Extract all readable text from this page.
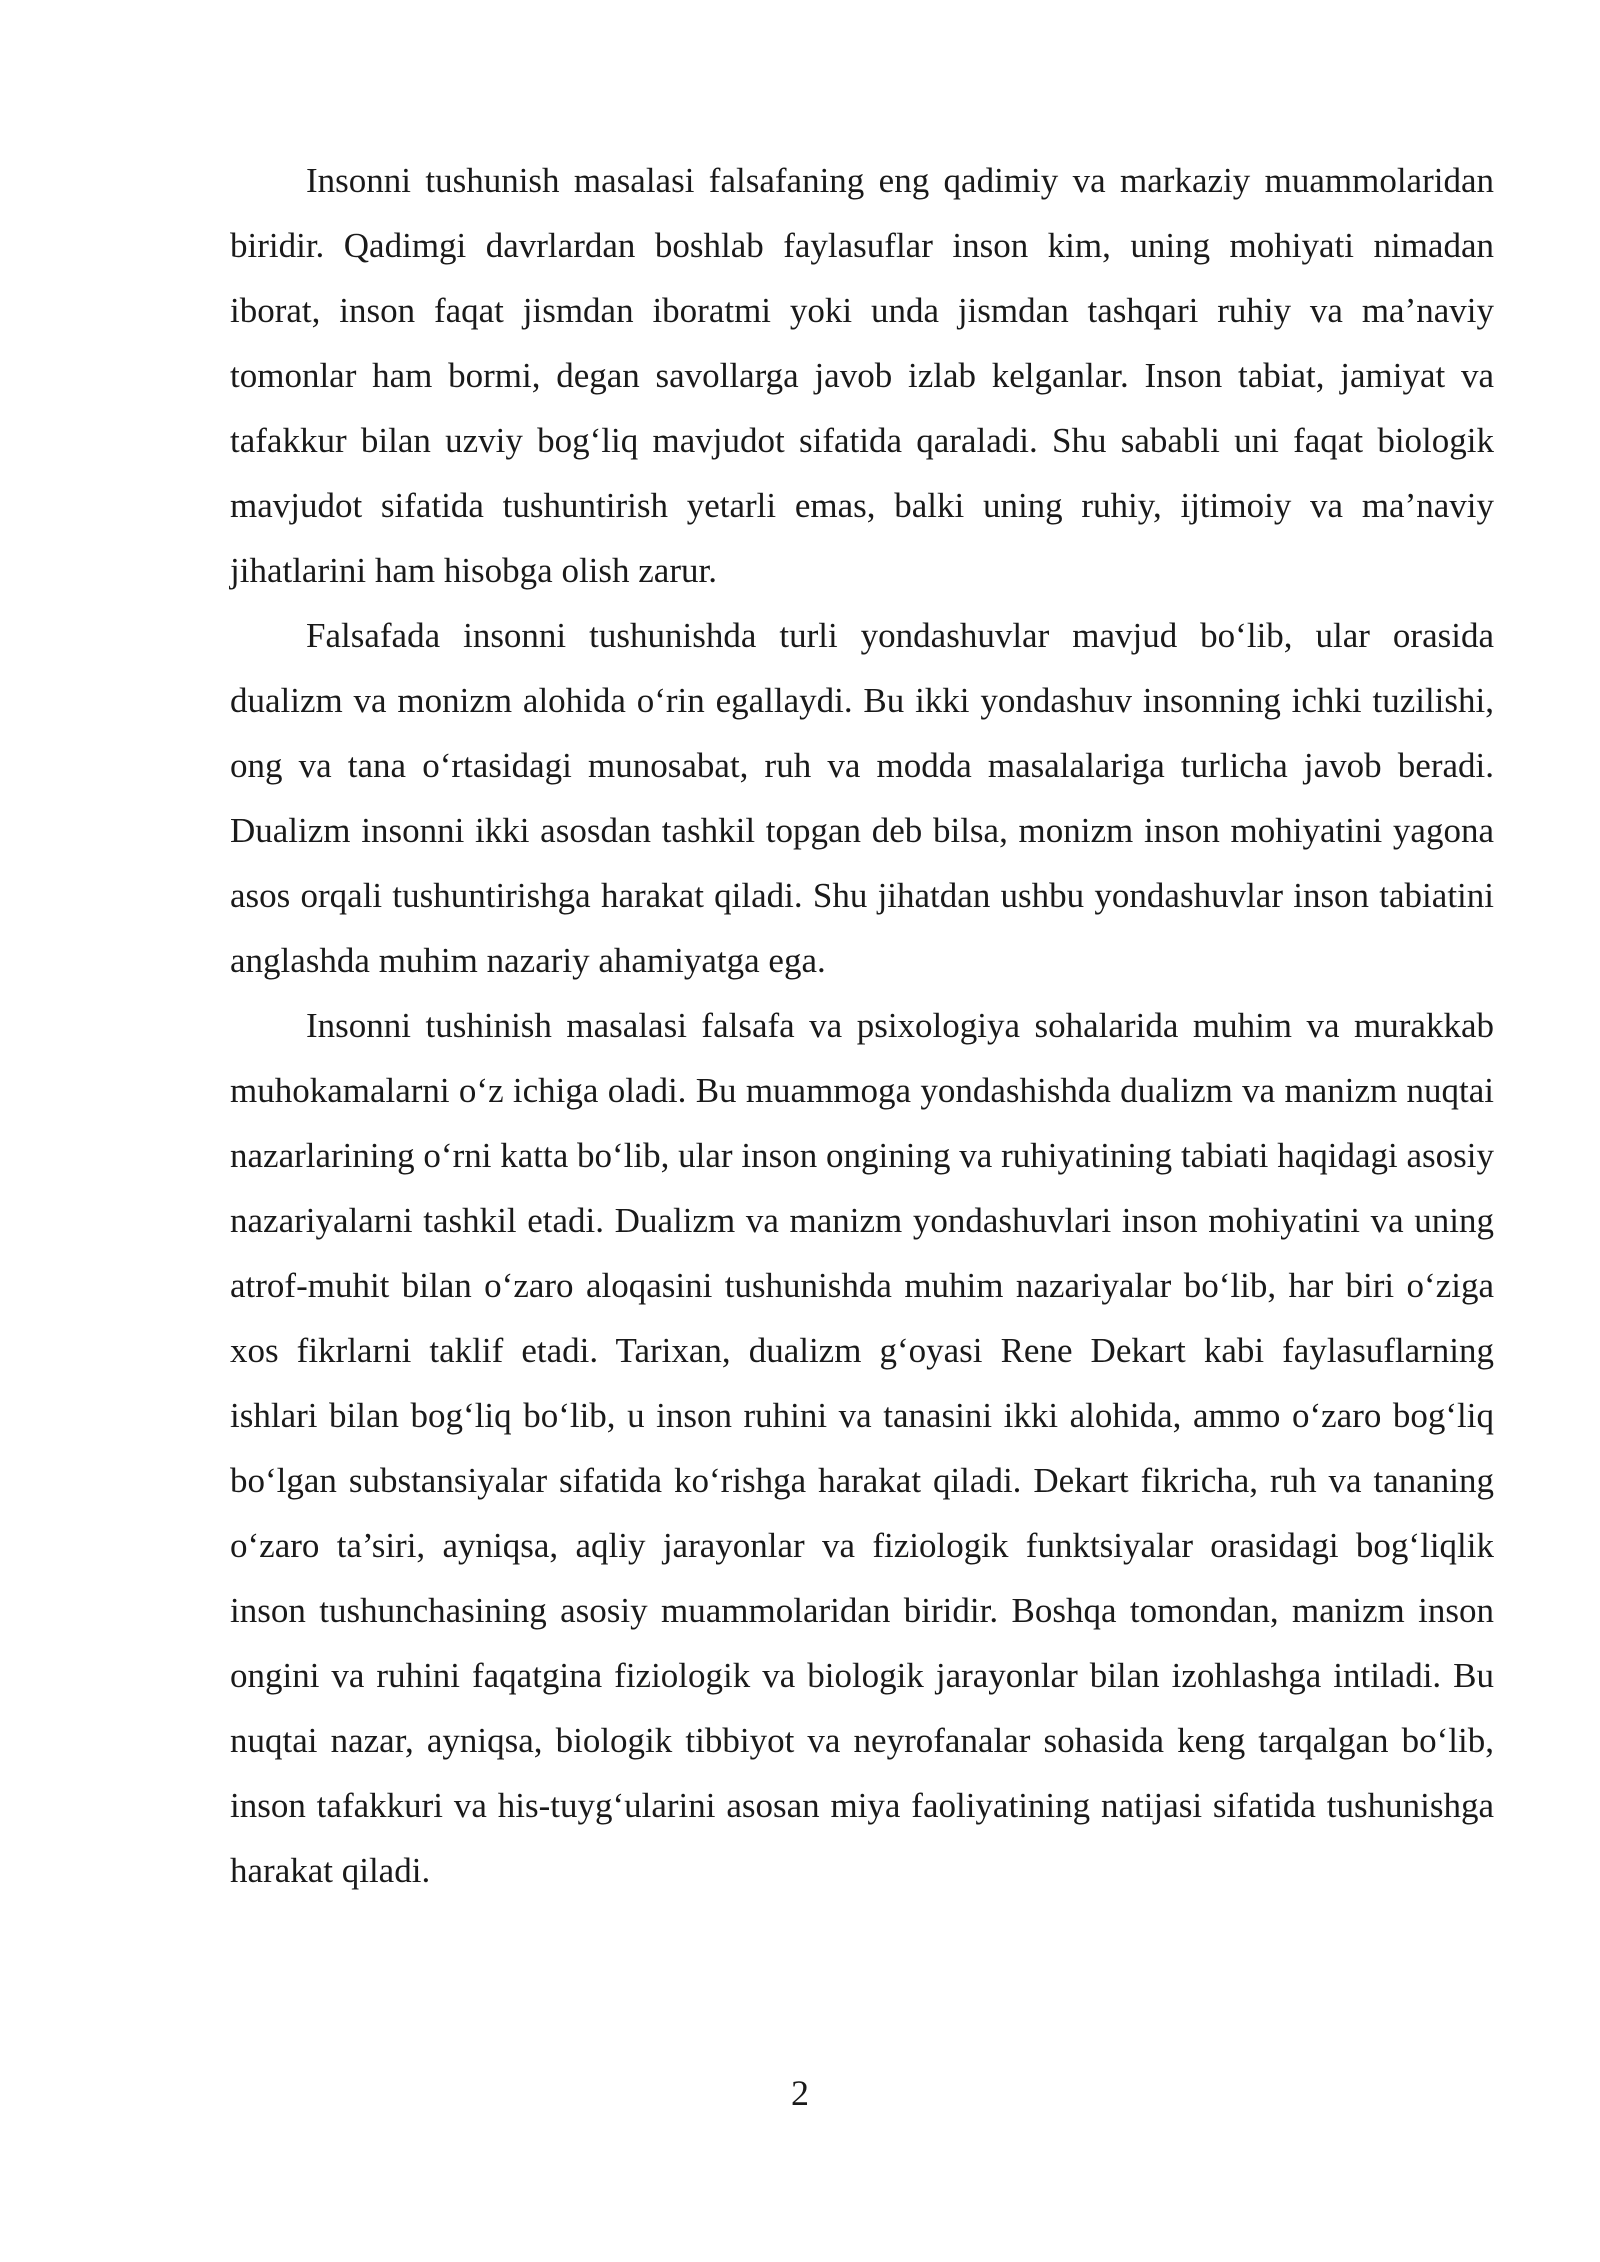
Insonni tushunish masalasi falsafaning eng qadimiy va markaziy muammolaridan biridir. Qadimgi davrlardan boshlab faylasuflar inson kim, uning mohiyati nimadan iborat, inson faqat jismdan iboratmi yoki unda jismdan tashqari ruhiy va ma’naviy tomonlar ham bormi, degan savollarga javob izlab kelganlar. Inson tabiat, jamiyat va tafakkur bilan uzviy bog‘liq mavjudot sifatida qaraladi. Shu sababli uni faqat biologik mavjudot sifatida tushuntirish yetarli emas, balki uning ruhiy, ijtimoiy va ma’naviy jihatlarini ham hisobga olish zarur.

Falsafada insonni tushunishda turli yondashuvlar mavjud bo‘lib, ular orasida dualizm va monizm alohida o‘rin egallaydi. Bu ikki yondashuv insonning ichki tuzilishi, ong va tana o‘rtasidagi munosabat, ruh va modda masalalariga turlicha javob beradi. Dualizm insonni ikki asosdan tashkil topgan deb bilsa, monizm inson mohiyatini yagona asos orqali tushuntirishga harakat qiladi. Shu jihatdan ushbu yondashuvlar inson tabiatini anglashda muhim nazariy ahamiyatga ega.

Insonni tushinish masalasi falsafa va psixologiya sohalarida muhim va murakkab muhokamalarni o‘z ichiga oladi. Bu muammoga yondashishda dualizm va manizm nuqtai nazarlarining o‘rni katta bo‘lib, ular inson ongining va ruhiyatining tabiati haqidagi asosiy nazariyalarni tashkil etadi. Dualizm va manizm yondashuvlari inson mohiyatini va uning atrof-muhit bilan o‘zaro aloqasini tushunishda muhim nazariyalar bo‘lib, har biri o‘ziga xos fikrlarni taklif etadi. Tarixan, dualizm g‘oyasi Rene Dekart kabi faylasuflarning ishlari bilan bog‘liq bo‘lib, u inson ruhini va tanasini ikki alohida, ammo o‘zaro bog‘liq bo‘lgan substansiyalar sifatida ko‘rishga harakat qiladi. Dekart fikricha, ruh va tananing o‘zaro ta’siri, ayniqsa, aqliy jarayonlar va fiziologik funktsiyalar orasidagi bog‘liqlik inson tushunchasining asosiy muammolaridan biridir. Boshqa tomondan, manizm inson ongini va ruhini faqatgina fiziologik va biologik jarayonlar bilan izohlashga intiladi. Bu nuqtai nazar, ayniqsa, biologik tibbiyot va neyrofanalar sohasida keng tarqalgan bo‘lib, inson tafakkuri va his-tuyg‘ularini asosan miya faoliyatining natijasi sifatida tushunishga harakat qiladi.

2
